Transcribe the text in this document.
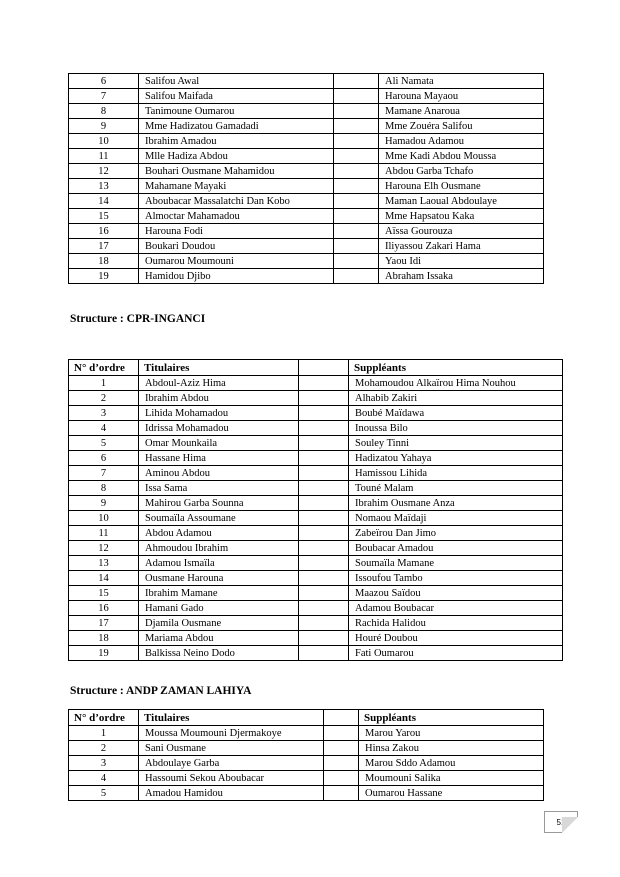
6	Salifou Awal		Ali Namata
7	Salifou Maifada		Harouna Mayaou
8	Tanimoune Oumarou		Mamane Anaroua
9	Mme Hadizatou Gamadadi		Mme Zouéra Salifou
10	Ibrahim Amadou		Hamadou Adamou
11	Mlle Hadiza Abdou		Mme Kadi Abdou Moussa
12	Bouhari Ousmane Mahamidou		Abdou Garba Tchafo
13	Mahamane Mayaki		Harouna Elh Ousmane
14	Aboubacar Massalatchi Dan Kobo		Maman Laoual Abdoulaye
15	Almoctar Mahamadou		Mme Hapsatou Kaka
16	Harouna Fodi		Aïssa Gourouza
17	Boukari Doudou		Iliyassou Zakari Hama
18	Oumarou Moumouni		Yaou Idi
19	Hamidou Djibo		Abraham Issaka
Structure : CPR-INGANCI
N° d’ordre	Titulaires		Suppléants
1	Abdoul-Aziz Hima		Mohamoudou Alkaïrou Hima Nouhou
2	Ibrahim Abdou		Alhabib Zakiri
3	Lihida Mohamadou		Boubé Maïdawa
4	Idrissa Mohamadou		Inoussa Bilo
5	Omar Mounkaila		Souley Tinni
6	Hassane Hima		Hadizatou Yahaya
7	Aminou Abdou		Hamissou Lihida
8	Issa Sama		Touné Malam
9	Mahirou Garba Sounna		Ibrahim Ousmane Anza
10	Soumaïla Assoumane		Nomaou Maïdaji
11	Abdou Adamou		Zabeïrou Dan Jimo
12	Ahmoudou Ibrahim		Boubacar Amadou
13	Adamou Ismaïla		Soumaïla Mamane
14	Ousmane Harouna		Issoufou Tambo
15	Ibrahim Mamane		Maazou Saïdou
16	Hamani Gado		Adamou Boubacar
17	Djamila Ousmane		Rachida Halidou
18	Mariama Abdou		Houré Doubou
19	Balkissa Neino Dodo		Fati Oumarou
Structure : ANDP ZAMAN LAHIYA
N° d’ordre	Titulaires		Suppléants
1	Moussa Moumouni Djermakoye		Marou Yarou
2	Sani Ousmane		Hinsa Zakou
3	Abdoulaye Garba		Marou Sddo Adamou
4	Hassoumi Sekou Aboubacar		Moumouni Salika
5	Amadou Hamidou		Oumarou Hassane
51
